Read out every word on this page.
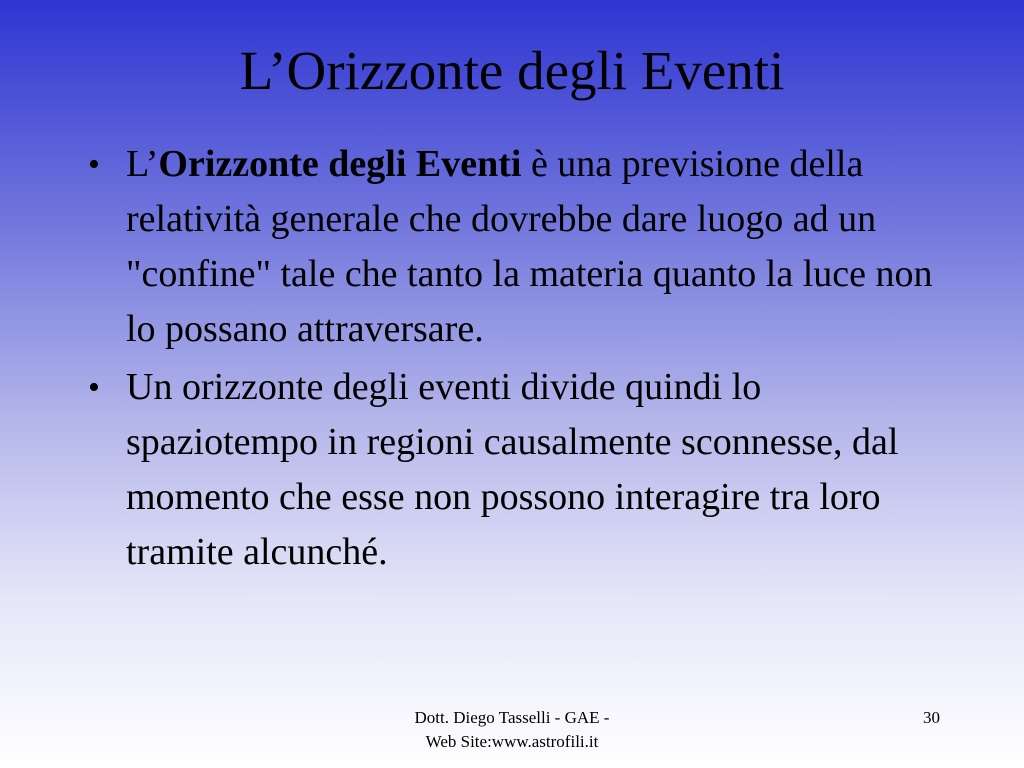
L’Orizzonte degli Eventi
• L’Orizzonte degli Eventi è una previsione della relatività generale che dovrebbe dare luogo ad un "confine" tale che tanto la materia quanto la luce non lo possano attraversare.
• Un orizzonte degli eventi divide quindi lo spaziotempo in regioni causalmente sconnesse, dal momento che esse non possono interagire tra loro tramite alcunché.
Dott. Diego Tasselli - GAE -
Web Site:www.astrofili.it
30
